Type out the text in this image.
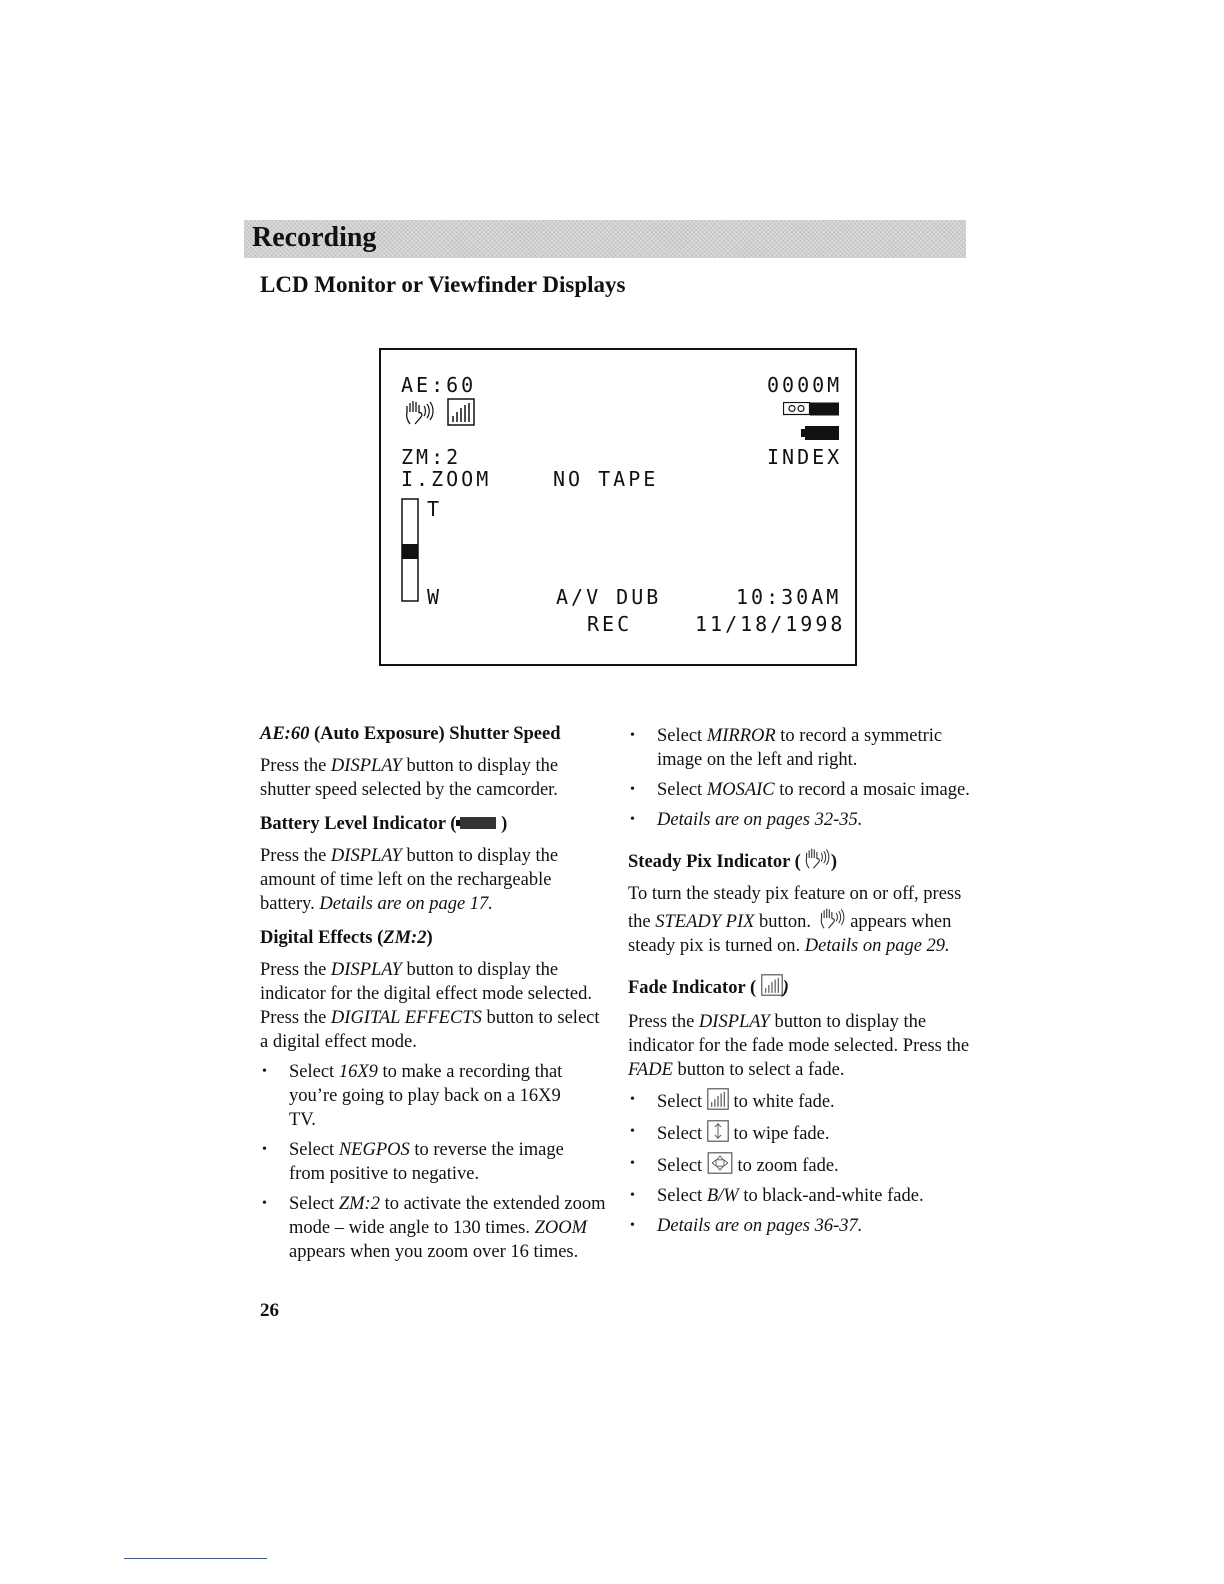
Recording
LCD Monitor or Viewfinder Displays
AE:60	0000M
ZM:2	INDEX
I.ZOOM	NO TAPE
T
W	A/V DUB	10:30AM
REC	11/18/1998

AE:60 (Auto Exposure) Shutter Speed

Press the DISPLAY button to display the shutter speed selected by the camcorder.

Battery Level Indicator ( )

Press the DISPLAY button to display the amount of time left on the rechargeable battery. Details are on page 17.

Digital Effects (ZM:2)

Press the DISPLAY button to display the indicator for the digital effect mode selected. Press the DIGITAL EFFECTS button to select a digital effect mode.

• Select 16X9 to make a recording that you’re going to play back on a 16X9 TV.

• Select NEGPOS to reverse the image from positive to negative.

• Select ZM:2 to activate the extended zoom mode – wide angle to 130 times. ZOOM appears when you zoom over 16 times.

• Select MIRROR to record a symmetric image on the left and right.

• Select MOSAIC to record a mosaic image.

• Details are on pages 32-35.

Steady Pix Indicator ( )

To turn the steady pix feature on or off, press the STEADY PIX button.  appears when steady pix is turned on. Details on page 29.

Fade Indicator ( )

Press the DISPLAY button to display the indicator for the fade mode selected. Press the FADE button to select a fade.

• Select  to white fade.

• Select  to wipe fade.

• Select  to zoom fade.

• Select B/W to black-and-white fade.

• Details are on pages 36-37.

26
